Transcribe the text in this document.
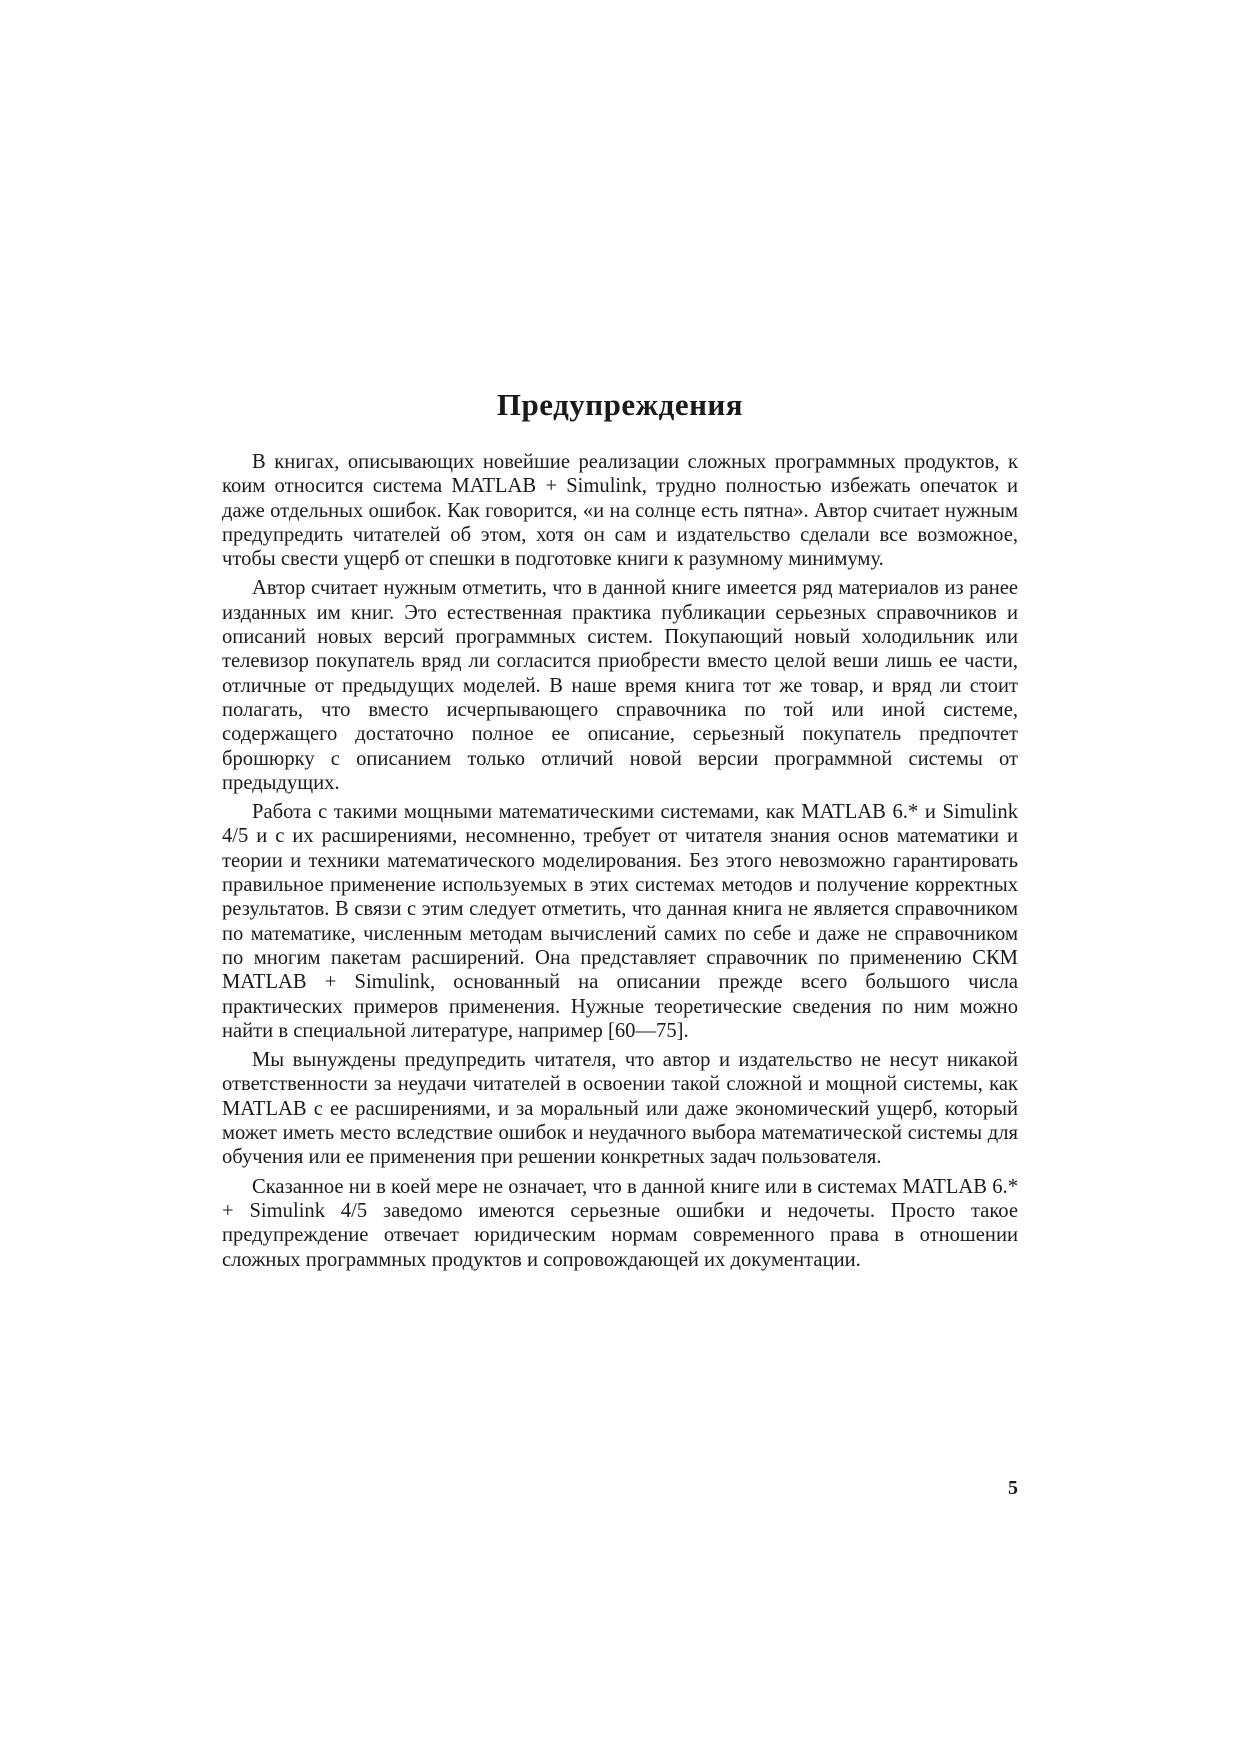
Предупреждения

В книгах, описывающих новейшие реализации сложных программных продуктов, к коим относится система MATLAB + Simulink, трудно полностью избежать опечаток и даже отдельных ошибок. Как говорится, «и на солнце есть пятна». Автор считает нужным предупредить читателей об этом, хотя он сам и издательство сделали все возможное, чтобы свести ущерб от спешки в подготовке книги к разумному минимуму.

Автор считает нужным отметить, что в данной книге имеется ряд материалов из ранее изданных им книг. Это естественная практика публикации серьезных справочников и описаний новых версий программных систем. Покупающий новый холодильник или телевизор покупатель вряд ли согласится приобрести вместо целой веши лишь ее части, отличные от предыдущих моделей. В наше время книга тот же товар, и вряд ли стоит полагать, что вместо исчерпывающего справочника по той или иной системе, содержащего достаточно полное ее описание, серьезный покупатель предпочтет брошюрку с описанием только отличий новой версии программной системы от предыдущих.

Работа с такими мощными математическими системами, как MATLAB 6.* и Simulink 4/5 и с их расширениями, несомненно, требует от читателя знания основ математики и теории и техники математического моделирования. Без этого невозможно гарантировать правильное применение используемых в этих системах методов и получение корректных результатов. В связи с этим следует отметить, что данная книга не является справочником по математике, численным методам вычислений самих по себе и даже не справочником по многим пакетам расширений. Она представляет справочник по применению СКМ MATLAB + Simulink, основанный на описании прежде всего большого числа практических примеров применения. Нужные теоретические сведения по ним можно найти в специальной литературе, например [60—75].

Мы вынуждены предупредить читателя, что автор и издательство не несут никакой ответственности за неудачи читателей в освоении такой сложной и мощной системы, как MATLAB с ее расширениями, и за моральный или даже экономический ущерб, который может иметь место вследствие ошибок и неудачного выбора математической системы для обучения или ее применения при решении конкретных задач пользователя.

Сказанное ни в коей мере не означает, что в данной книге или в системах MATLAB 6.* + Simulink 4/5 заведомо имеются серьезные ошибки и недочеты. Просто такое предупреждение отвечает юридическим нормам современного права в отношении сложных программных продуктов и сопровождающей их документации.

5
